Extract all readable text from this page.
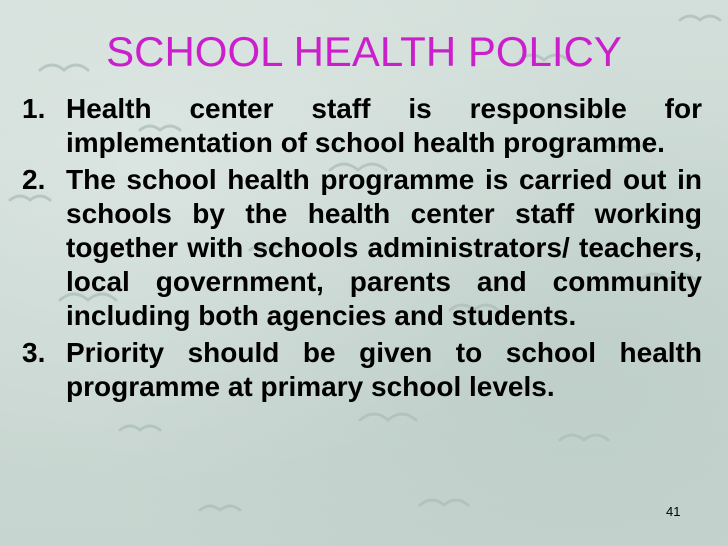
SCHOOL HEALTH POLICY
1. Health center staff is responsible for implementation of school health programme.
2. The school health programme is carried out in schools by the health center staff working together with schools administrators/ teachers, local government, parents and community including both agencies and students.
3. Priority should be given to school health programme at primary school levels.
41
